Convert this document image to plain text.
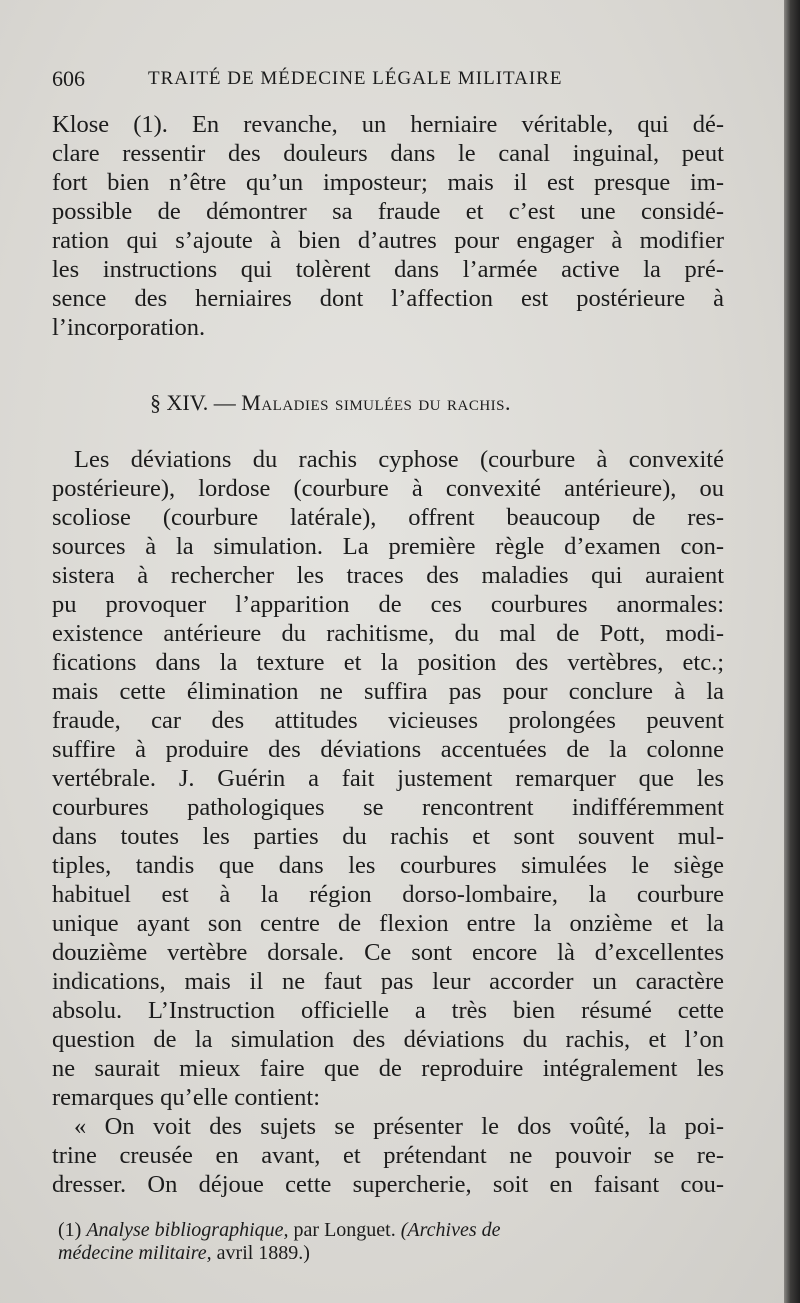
606	TRAITÉ DE MÉDECINE LÉGALE MILITAIRE
Klose (1). En revanche, un herniaire véritable, qui dé-
clare ressentir des douleurs dans le canal inguinal, peut
fort bien n’être qu’un imposteur; mais il est presque im-
possible de démontrer sa fraude et c’est une considé-
ration qui s’ajoute à bien d’autres pour engager à modifier
les instructions qui tolèrent dans l’armée active la pré-
sence des herniaires dont l’affection est postérieure à
l’incorporation.
§ XIV. — Maladies simulées du rachis.
Les déviations du rachis cyphose (courbure à convexité
postérieure), lordose (courbure à convexité antérieure), ou
scoliose (courbure latérale), offrent beaucoup de res-
sources à la simulation. La première règle d’examen con-
sistera à rechercher les traces des maladies qui auraient
pu provoquer l’apparition de ces courbures anormales:
existence antérieure du rachitisme, du mal de Pott, modi-
fications dans la texture et la position des vertèbres, etc.;
mais cette élimination ne suffira pas pour conclure à la
fraude, car des attitudes vicieuses prolongées peuvent
suffire à produire des déviations accentuées de la colonne
vertébrale. J. Guérin a fait justement remarquer que les
courbures pathologiques se rencontrent indifféremment
dans toutes les parties du rachis et sont souvent mul-
tiples, tandis que dans les courbures simulées le siège
habituel est à la région dorso-lombaire, la courbure
unique ayant son centre de flexion entre la onzième et la
douzième vertèbre dorsale. Ce sont encore là d’excellentes
indications, mais il ne faut pas leur accorder un caractère
absolu. L’Instruction officielle a très bien résumé cette
question de la simulation des déviations du rachis, et l’on
ne saurait mieux faire que de reproduire intégralement les
remarques qu’elle contient:
« On voit des sujets se présenter le dos voûté, la poi-
trine creusée en avant, et prétendant ne pouvoir se re-
dresser. On déjoue cette supercherie, soit en faisant cou-
(1) Analyse bibliographique, par Longuet. (Archives de
médecine militaire, avril 1889.)
